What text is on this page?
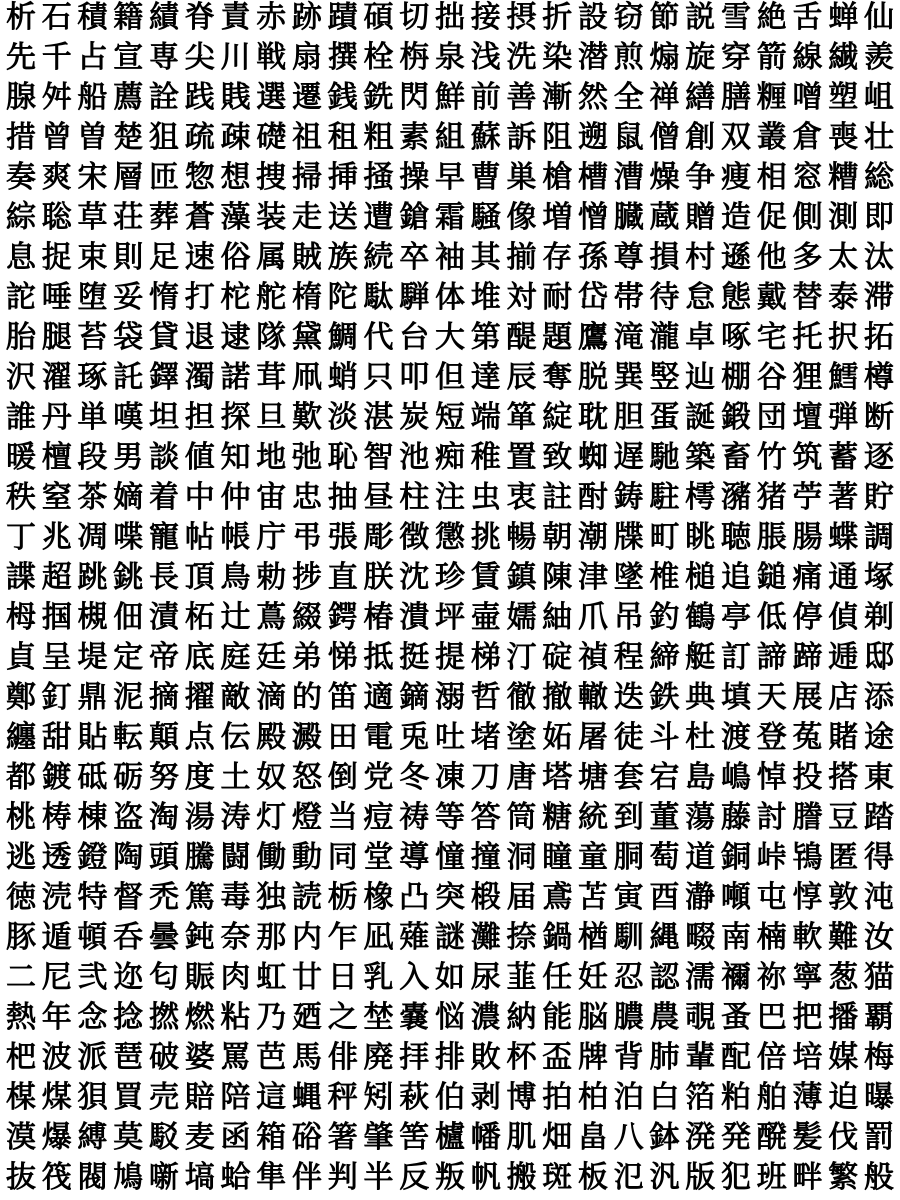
析 石 積 籍 績 脊 責 赤 跡 蹟 碩 切 拙 接 摂 折 設 窃 節 説 雪 絶 舌 蝉 仙
先 千 占 宣 専 尖 川 戦 扇 撰 栓 栴 泉 浅 洗 染 潜 煎 煽 旋 穿 箭 線 繊 羨
腺 舛 船 薦 詮 践 賎 選 遷 銭 銑 閃 鮮 前 善 漸 然 全 禅 繕 膳 糎 噌 塑 岨
措 曾 曽 楚 狙 疏 疎 礎 祖 租 粗 素 組 蘇 訴 阻 遡 鼠 僧 創 双 叢 倉 喪 壮
奏 爽 宋 層 匝 惣 想 捜 掃 挿 掻 操 早 曹 巣 槍 槽 漕 燥 争 痩 相 窓 糟 総
綜 聡 草 荘 葬 蒼 藻 装 走 送 遭 鎗 霜 騒 像 増 憎 臓 蔵 贈 造 促 側 測 即
息 捉 束 則 足 速 俗 属 賊 族 続 卒 袖 其 揃 存 孫 尊 損 村 遜 他 多 太 汰
詑 唾 堕 妥 惰 打 柁 舵 楕 陀 駄 騨 体 堆 対 耐 岱 帯 待 怠 態 戴 替 泰 滞
胎 腿 苔 袋 貸 退 逮 隊 黛 鯛 代 台 大 第 醍 題 鷹 滝 瀧 卓 啄 宅 托 択 拓
沢 濯 琢 託 鐸 濁 諾 茸 凧 蛸 只 叩 但 達 辰 奪 脱 巽 竪 辿 棚 谷 狸 鱈 樽
誰 丹 単 嘆 坦 担 探 旦 歎 淡 湛 炭 短 端 箪 綻 耽 胆 蛋 誕 鍛 団 壇 弾 断
暖 檀 段 男 談 値 知 地 弛 恥 智 池 痴 稚 置 致 蜘 遅 馳 築 畜 竹 筑 蓄 逐
秩 窒 茶 嫡 着 中 仲 宙 忠 抽 昼 柱 注 虫 衷 註 酎 鋳 駐 樗 瀦 猪 苧 著 貯
丁 兆 凋 喋 寵 帖 帳 庁 弔 張 彫 徴 懲 挑 暢 朝 潮 牒 町 眺 聴 脹 腸 蝶 調
諜 超 跳 銚 長 頂 鳥 勅 捗 直 朕 沈 珍 賃 鎮 陳 津 墜 椎 槌 追 鎚 痛 通 塚
栂 掴 槻 佃 漬 柘 辻 蔦 綴 鍔 椿 潰 坪 壷 嬬 紬 爪 吊 釣 鶴 亭 低 停 偵 剃
貞 呈 堤 定 帝 底 庭 廷 弟 悌 抵 挺 提 梯 汀 碇 禎 程 締 艇 訂 諦 蹄 逓 邸
鄭 釘 鼎 泥 摘 擢 敵 滴 的 笛 適 鏑 溺 哲 徹 撤 轍 迭 鉄 典 填 天 展 店 添
纏 甜 貼 転 顛 点 伝 殿 澱 田 電 兎 吐 堵 塗 妬 屠 徒 斗 杜 渡 登 菟 賭 途
都 鍍 砥 砺 努 度 土 奴 怒 倒 党 冬 凍 刀 唐 塔 塘 套 宕 島 嶋 悼 投 搭 東
桃 梼 棟 盗 淘 湯 涛 灯 燈 当 痘 祷 等 答 筒 糖 統 到 董 蕩 藤 討 謄 豆 踏
逃 透 鐙 陶 頭 騰 闘 働 動 同 堂 導 憧 撞 洞 瞳 童 胴 萄 道 銅 峠 鴇 匿 得
徳 涜 特 督 禿 篤 毒 独 読 栃 橡 凸 突 椴 届 鳶 苫 寅 酉 瀞 噸 屯 惇 敦 沌
豚 遁 頓 呑 曇 鈍 奈 那 内 乍 凪 薙 謎 灘 捺 鍋 楢 馴 縄 畷 南 楠 軟 難 汝
二 尼 弐 迩 匂 賑 肉 虹 廿 日 乳 入 如 尿 韮 任 妊 忍 認 濡 禰 祢 寧 葱 猫
熱 年 念 捻 撚 燃 粘 乃 廼 之 埜 嚢 悩 濃 納 能 脳 膿 農 覗 蚤 巴 把 播 覇
杷 波 派 琶 破 婆 罵 芭 馬 俳 廃 拝 排 敗 杯 盃 牌 背 肺 輩 配 倍 培 媒 梅
楳 煤 狽 買 売 賠 陪 這 蝿 秤 矧 萩 伯 剥 博 拍 柏 泊 白 箔 粕 舶 薄 迫 曝
漠 爆 縛 莫 駁 麦 函 箱 硲 箸 肇 筈 櫨 幡 肌 畑 畠 八 鉢 溌 発 醗 髪 伐 罰
抜 筏 閥 鳩 噺 塙 蛤 隼 伴 判 半 反 叛 帆 搬 斑 板 氾 汎 版 犯 班 畔 繁 般
